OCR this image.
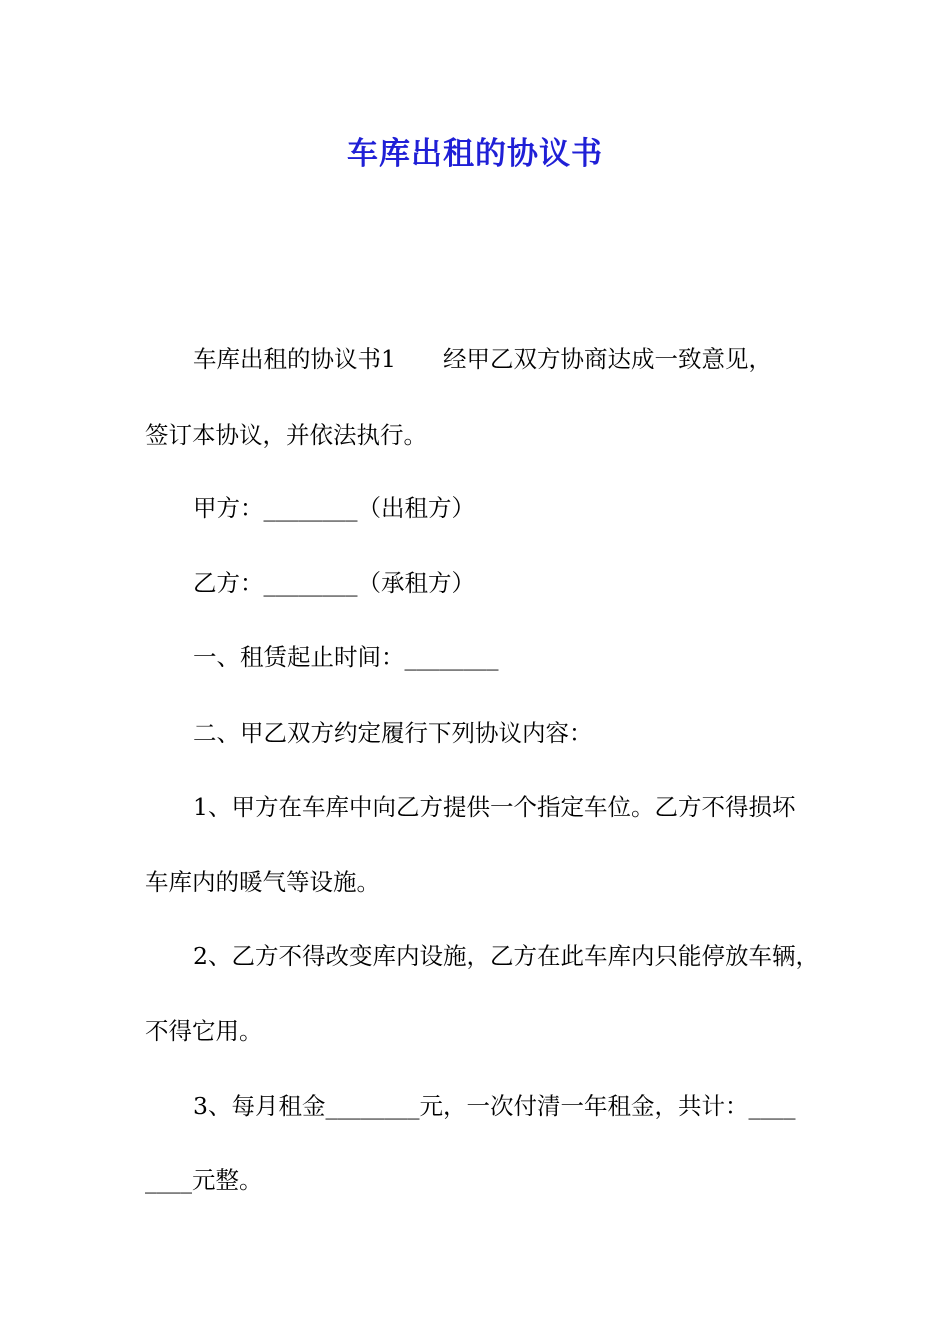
车库出租的协议书

车库出租的协议书1　　经甲乙双方协商达成一致意见，

签订本协议，并依法执行。

甲方：________（出租方）

乙方：________（承租方）

一、租赁起止时间：________

二、甲乙双方约定履行下列协议内容：

1、甲方在车库中向乙方提供一个指定车位。乙方不得损坏

车库内的暖气等设施。

2、乙方不得改变库内设施，乙方在此车库内只能停放车辆，

不得它用。

3、每月租金________元，一次付清一年租金，共计：____

____元整。
